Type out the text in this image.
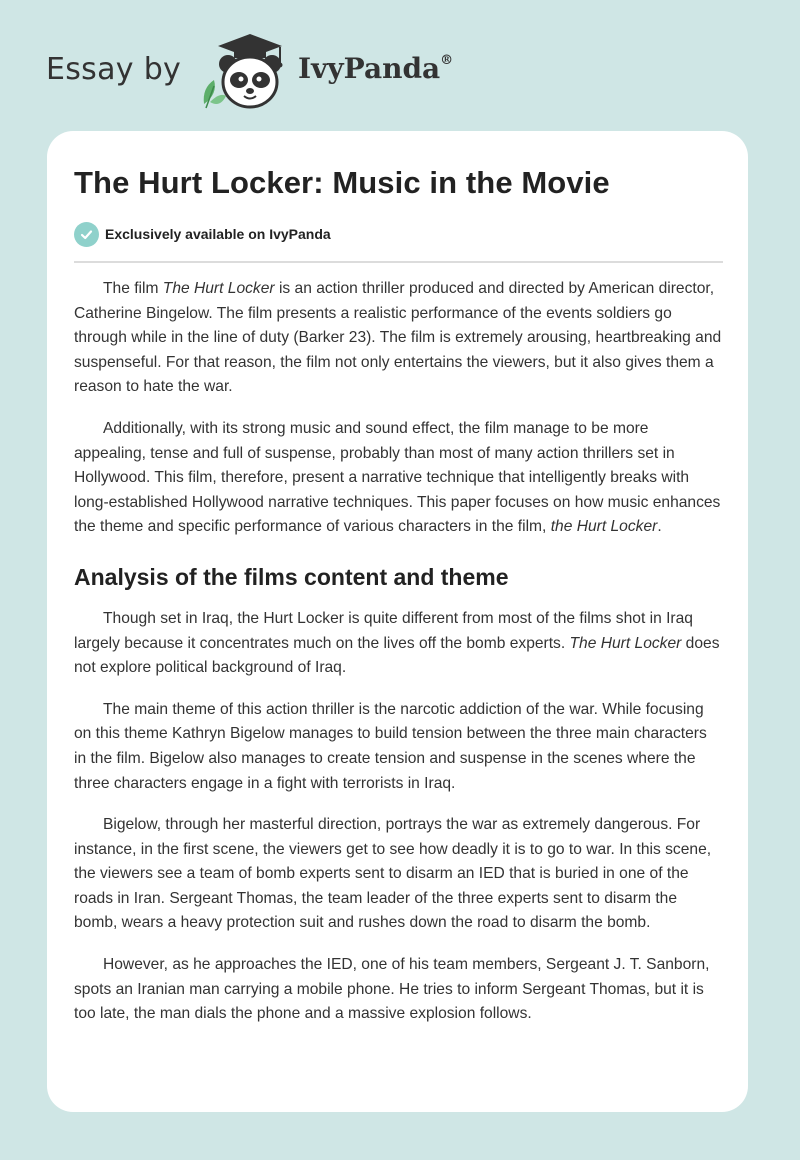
Essay by	IvyPanda®
The Hurt Locker: Music in the Movie
Exclusively available on IvyPanda

The film The Hurt Locker is an action thriller produced and directed by American director, Catherine Bingelow. The film presents a realistic performance of the events soldiers go through while in the line of duty (Barker 23). The film is extremely arousing, heartbreaking and suspenseful. For that reason, the film not only entertains the viewers, but it also gives them a reason to hate the war.

Additionally, with its strong music and sound effect, the film manage to be more appealing, tense and full of suspense, probably than most of many action thrillers set in Hollywood. This film, therefore, present a narrative technique that intelligently breaks with long-established Hollywood narrative techniques. This paper focuses on how music enhances the theme and specific performance of various characters in the film, the Hurt Locker.

Analysis of the films content and theme

Though set in Iraq, the Hurt Locker is quite different from most of the films shot in Iraq largely because it concentrates much on the lives off the bomb experts. The Hurt Locker does not explore political background of Iraq.

The main theme of this action thriller is the narcotic addiction of the war. While focusing on this theme Kathryn Bigelow manages to build tension between the three main characters in the film. Bigelow also manages to create tension and suspense in the scenes where the three characters engage in a fight with terrorists in Iraq.

Bigelow, through her masterful direction, portrays the war as extremely dangerous. For instance, in the first scene, the viewers get to see how deadly it is to go to war. In this scene, the viewers see a team of bomb experts sent to disarm an IED that is buried in one of the roads in Iran. Sergeant Thomas, the team leader of the three experts sent to disarm the bomb, wears a heavy protection suit and rushes down the road to disarm the bomb.

However, as he approaches the IED, one of his team members, Sergeant J. T. Sanborn, spots an Iranian man carrying a mobile phone. He tries to inform Sergeant Thomas, but it is too late, the man dials the phone and a massive explosion follows.
